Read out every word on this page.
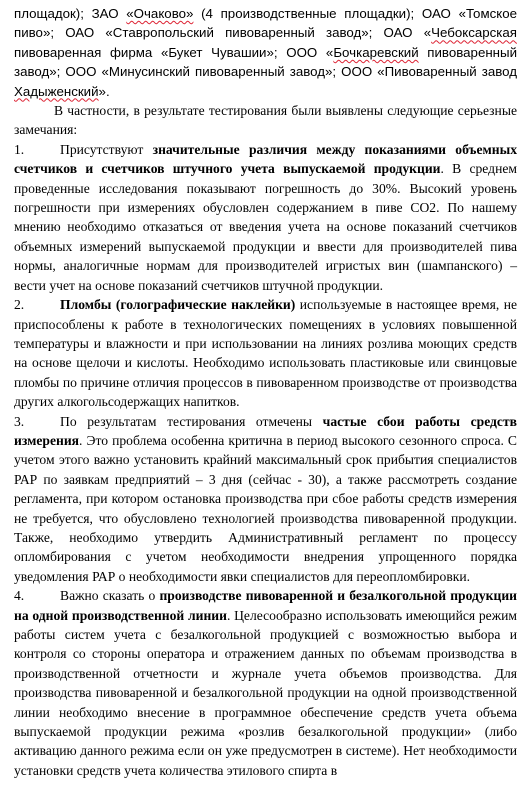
площадок); ЗАО «Очаково» (4 производственные площадки); ОАО «Томское пиво»; ОАО «Ставропольский пивоваренный завод»; ОАО «Чебоксарская пивоваренная фирма «Букет Чувашии»; ООО «Бочкаревский пивоваренный завод»; ООО «Минусинский пивоваренный завод»; ООО «Пивоваренный завод Хадыженский».

В частности, в результате тестирования были выявлены следующие серьезные замечания:

1.	Присутствуют значительные различия между показаниями объемных счетчиков и счетчиков штучного учета выпускаемой продукции. В среднем проведенные исследования показывают погрешность до 30%. Высокий уровень погрешности при измерениях обусловлен содержанием в пиве СО2. По нашему мнению необходимо отказаться от введения учета на основе показаний счетчиков объемных измерений выпускаемой продукции и ввести для производителей пива нормы, аналогичные нормам для производителей игристых вин (шампанского) – вести учет на основе показаний счетчиков штучной продукции.

2.	Пломбы (голографические наклейки) используемые в настоящее время, не приспособлены к работе в технологических помещениях в условиях повышенной температуры и влажности и при использовании на линиях розлива моющих средств на основе щелочи и кислоты. Необходимо использовать пластиковые или свинцовые пломбы по причине отличия процессов в пивоваренном производстве от производства других алкогольсодержащих напитков.

3.	По результатам тестирования отмечены частые сбои работы средств измерения. Это проблема особенна критична в период высокого сезонного спроса. С учетом этого важно установить крайний максимальный срок прибытия специалистов РАР по заявкам предприятий – 3 дня (сейчас - 30), а также рассмотреть создание регламента, при котором остановка производства при сбое работы средств измерения не требуется, что обусловлено технологией производства пивоваренной продукции. Также, необходимо утвердить Административный регламент по процессу опломбирования с учетом необходимости внедрения упрощенного порядка уведомления РАР о необходимости явки специалистов для переопломбировки.

4.	Важно сказать о производстве пивоваренной и безалкогольной продукции на одной производственной линии. Целесообразно использовать имеющийся режим работы систем учета с безалкогольной продукцией с возможностью выбора и контроля со стороны оператора и отражением данных по объемам производства в производственной отчетности и журнале учета объемов производства. Для производства пивоваренной и безалкогольной продукции на одной производственной линии необходимо внесение в программное обеспечение средств учета объема выпускаемой продукции режима «розлив безалкогольной продукции» (либо активацию данного режима если он уже предусмотрен в системе). Нет необходимости установки средств учета количества этилового спирта в
